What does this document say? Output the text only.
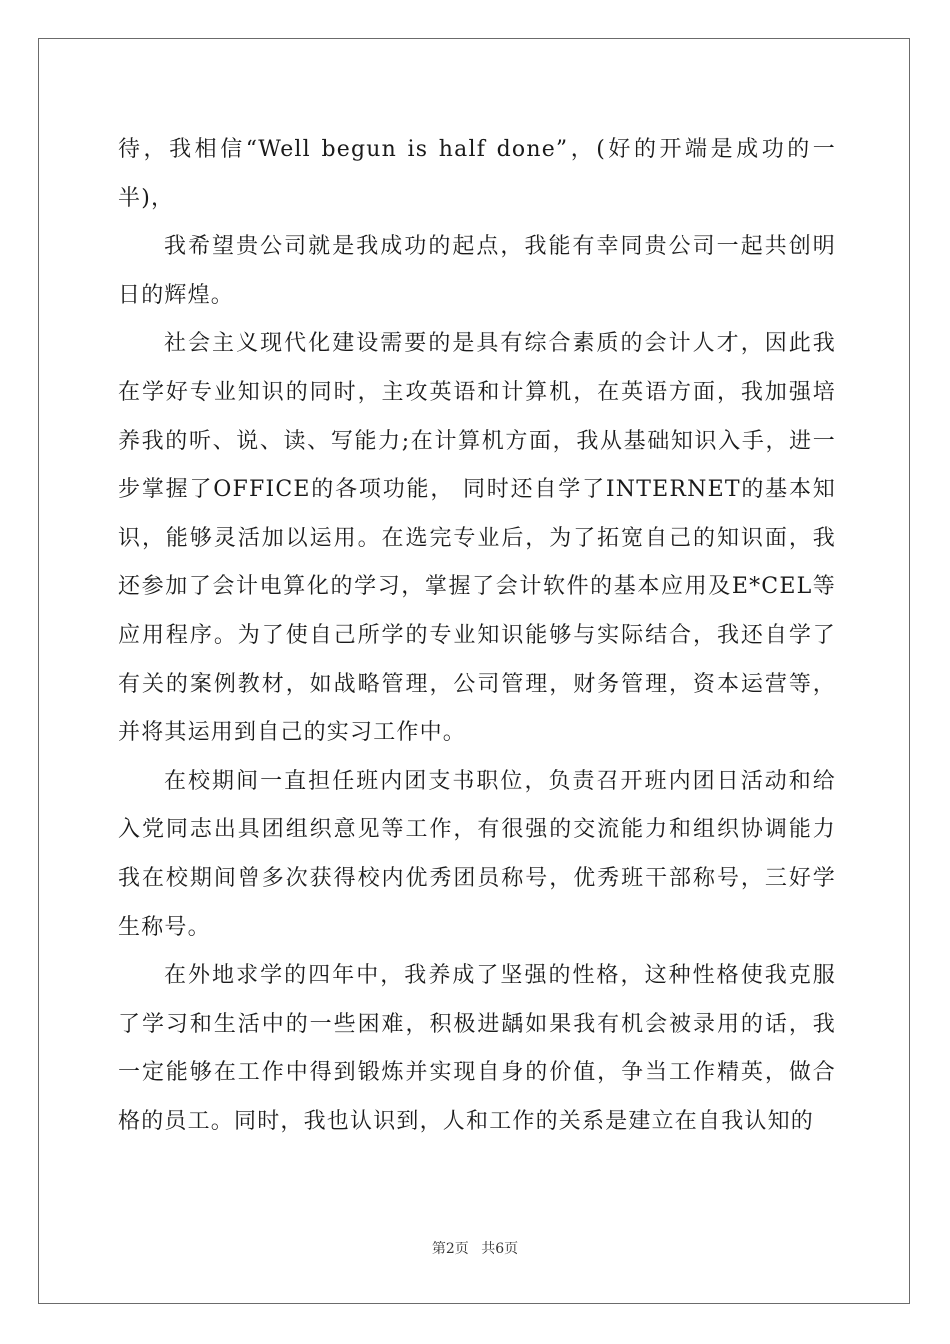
待，我相信“Well begun is half done”，(好的开端是成功的一半)，

我希望贵公司就是我成功的起点，我能有幸同贵公司一起共创明日的辉煌。

社会主义现代化建设需要的是具有综合素质的会计人才，因此我在学好专业知识的同时，主攻英语和计算机，在英语方面，我加强培养我的听、说、读、写能力;在计算机方面，我从基础知识入手，进一步掌握了OFFICE的各项功能， 同时还自学了INTERNET的基本知识，能够灵活加以运用。在选完专业后，为了拓宽自己的知识面，我还参加了会计电算化的学习，掌握了会计软件的基本应用及E*CEL等应用程序。为了使自己所学的专业知识能够与实际结合，我还自学了有关的案例教材，如战略管理，公司管理，财务管理，资本运营等，并将其运用到自己的实习工作中。

在校期间一直担任班内团支书职位，负责召开班内团日活动和给入党同志出具团组织意见等工作，有很强的交流能力和组织协调能力我在校期间曾多次获得校内优秀团员称号，优秀班干部称号，三好学生称号。

在外地求学的四年中，我养成了坚强的性格，这种性格使我克服了学习和生活中的一些困难，积极进龋如果我有机会被录用的话，我一定能够在工作中得到锻炼并实现自身的价值，争当工作精英，做合格的员工。同时，我也认识到，人和工作的关系是建立在自我认知的

第2页 共6页
